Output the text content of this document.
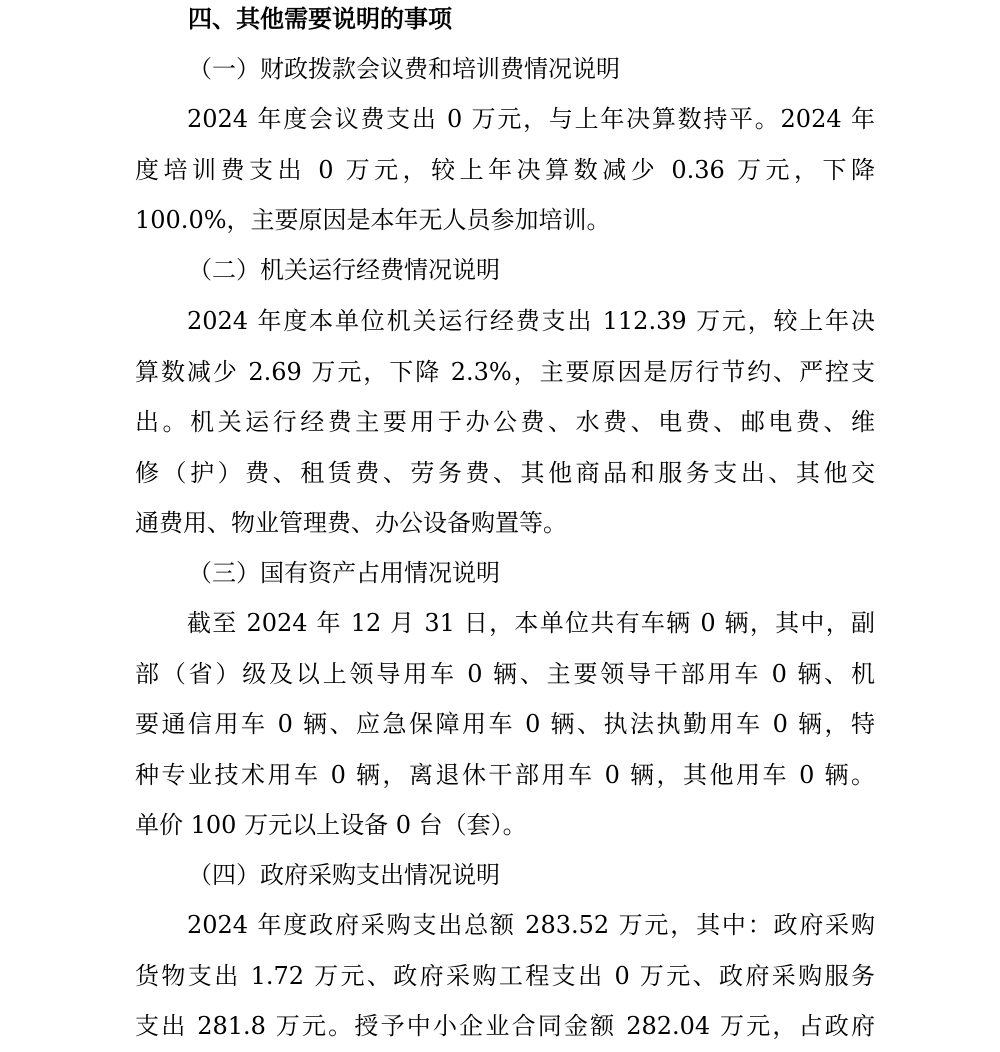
四、其他需要说明的事项
（一）财政拨款会议费和培训费情况说明
2024 年度会议费支出 0 万元，与上年决算数持平。2024 年
度培训费支出 0 万元，较上年决算数减少 0.36 万元，下降
100.0%，主要原因是本年无人员参加培训。
（二）机关运行经费情况说明
2024 年度本单位机关运行经费支出 112.39 万元，较上年决
算数减少 2.69 万元，下降 2.3%，主要原因是厉行节约、严控支
出。机关运行经费主要用于办公费、水费、电费、邮电费、维
修（护）费、租赁费、劳务费、其他商品和服务支出、其他交
通费用、物业管理费、办公设备购置等。
（三）国有资产占用情况说明
截至 2024 年 12 月 31 日，本单位共有车辆 0 辆，其中，副
部（省）级及以上领导用车 0 辆、主要领导干部用车 0 辆、机
要通信用车 0 辆、应急保障用车 0 辆、执法执勤用车 0 辆，特
种专业技术用车 0 辆，离退休干部用车 0 辆，其他用车 0 辆。
单价 100 万元以上设备 0 台（套）。
（四）政府采购支出情况说明
2024 年度政府采购支出总额 283.52 万元，其中：政府采购
货物支出 1.72 万元、政府采购工程支出 0 万元、政府采购服务
支出 281.8 万元。授予中小企业合同金额 282.04 万元，占政府
